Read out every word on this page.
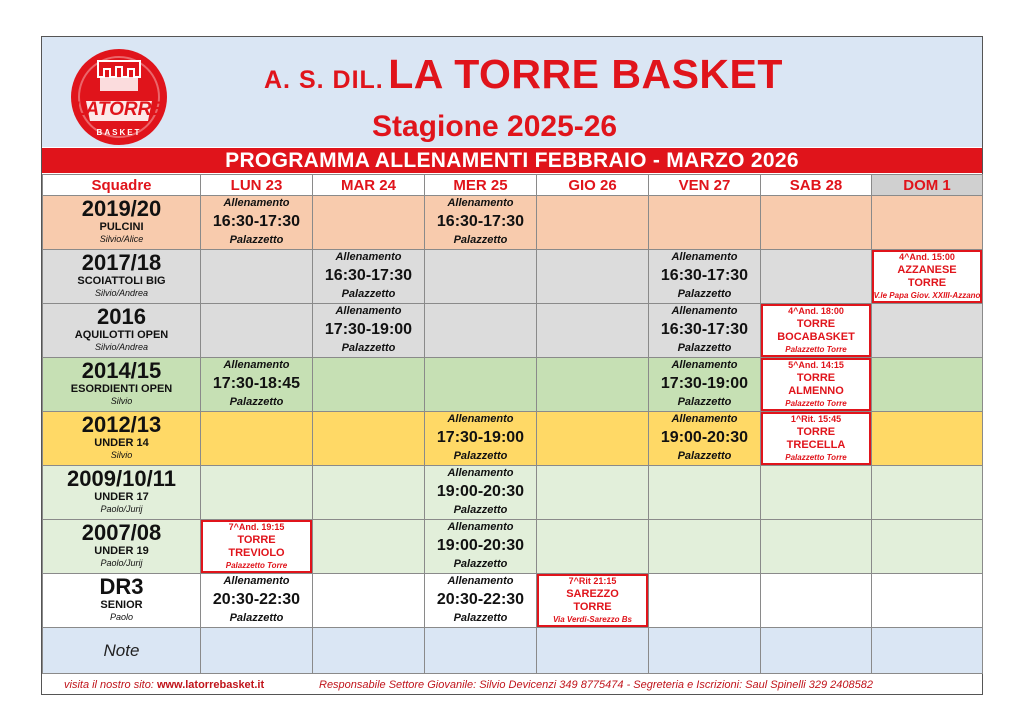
LATORRE
BASKET
A. S. DIL. LA TORRE BASKET
Stagione 2025-26
PROGRAMMA ALLENAMENTI FEBBRAIO - MARZO 2026
Squadre	LUN 23	MAR 24	MER 25	GIO 26	VEN 27	SAB 28	DOM 1

2019/20
PULCINI
Silvio/Alice	Allenamento
16:30-17:30
Palazzetto		Allenamento
16:30-17:30
Palazzetto				

2017/18
SCOIATTOLI BIG
Silvio/Andrea		Allenamento
16:30-17:30
Palazzetto			Allenamento
16:30-17:30
Palazzetto		4^And. 15:00
AZZANESE
TORRE
V.le Papa Giov. XXIII-Azzano

2016
AQUILOTTI OPEN
Silvio/Andrea		Allenamento
17:30-19:00
Palazzetto			Allenamento
16:30-17:30
Palazzetto	4^And. 18:00
TORRE
BOCABASKET
Palazzetto Torre	

2014/15
ESORDIENTI OPEN
Silvio	Allenamento
17:30-18:45
Palazzetto				Allenamento
17:30-19:00
Palazzetto	5^And. 14:15
TORRE
ALMENNO
Palazzetto Torre	

2012/13
UNDER 14
Silvio			Allenamento
17:30-19:00
Palazzetto		Allenamento
19:00-20:30
Palazzetto	1^Rit. 15:45
TORRE
TRECELLA
Palazzetto Torre	

2009/10/11
UNDER 17
Paolo/Jurij			Allenamento
19:00-20:30
Palazzetto				

2007/08
UNDER 19
Paolo/Jurij	7^And. 19:15
TORRE
TREVIOLO
Palazzetto Torre		Allenamento
19:00-20:30
Palazzetto				

DR3
SENIOR
Paolo	Allenamento
20:30-22:30
Palazzetto		Allenamento
20:30-22:30
Palazzetto	7^Rit 21:15
SAREZZO
TORRE
Via Verdi-Sarezzo Bs			

Note							

visita il nostro sito: www.latorrebasket.it	Responsabile Settore Giovanile: Silvio Devicenzi 349 8775474 - Segreteria e Iscrizioni: Saul Spinelli 329 2408582
